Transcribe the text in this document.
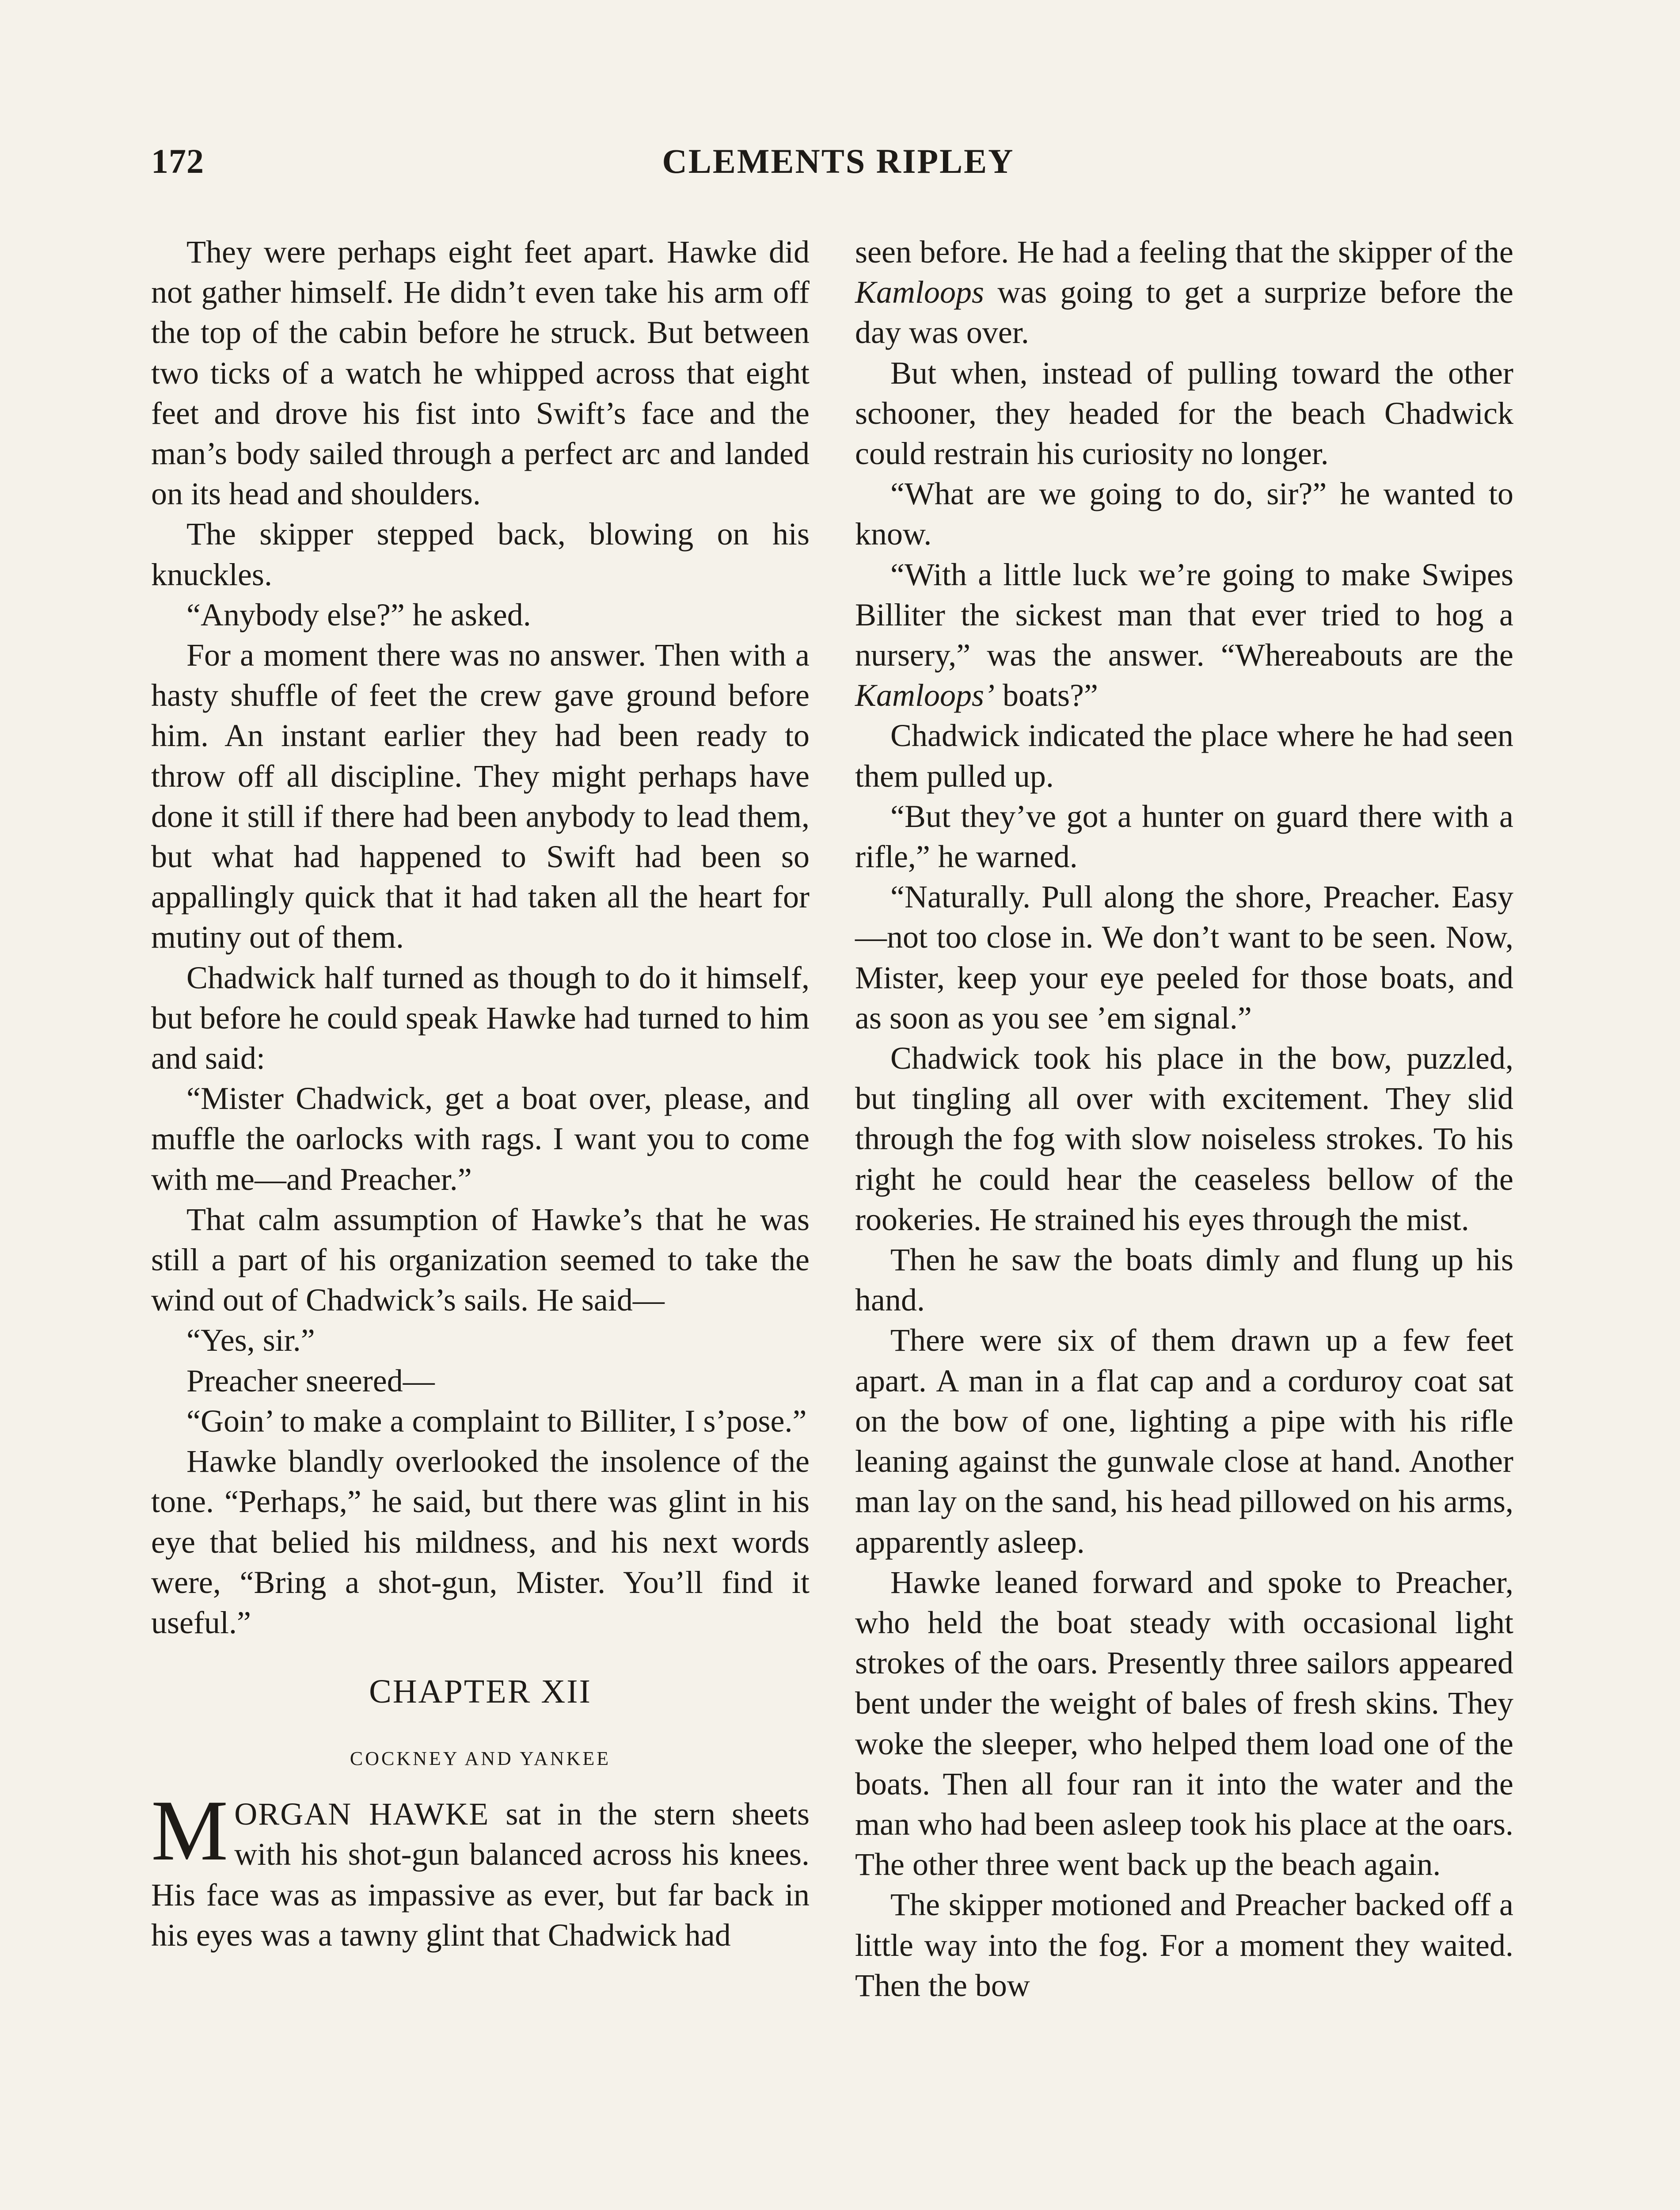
CLEMENTS RIPLEY
172

They were perhaps eight feet apart. Hawke did not gather himself. He didn’t even take his arm off the top of the cabin before he struck. But between two ticks of a watch he whipped across that eight feet and drove his fist into Swift’s face and the man’s body sailed through a perfect arc and landed on its head and shoulders.

The skipper stepped back, blowing on his knuckles.

“Anybody else?” he asked.

For a moment there was no answer. Then with a hasty shuffle of feet the crew gave ground before him. An instant earlier they had been ready to throw off all discipline. They might perhaps have done it still if there had been anybody to lead them, but what had happened to Swift had been so appallingly quick that it had taken all the heart for mutiny out of them.

Chadwick half turned as though to do it himself, but before he could speak Hawke had turned to him and said:

“Mister Chadwick, get a boat over, please, and muffle the oarlocks with rags. I want you to come with me—and Preacher.”

That calm assumption of Hawke’s that he was still a part of his organization seemed to take the wind out of Chadwick’s sails. He said—

“Yes, sir.”

Preacher sneered—

“Goin’ to make a complaint to Billiter, I s’pose.”

Hawke blandly overlooked the insolence of the tone. “Perhaps,” he said, but there was glint in his eye that belied his mildness, and his next words were, “Bring a shot-gun, Mister. You’ll find it useful.”

CHAPTER XII
COCKNEY AND YANKEE

MORGAN HAWKE sat in the stern sheets with his shot-gun balanced across his knees. His face was as impassive as ever, but far back in his eyes was a tawny glint that Chadwick had

seen before. He had a feeling that the skipper of the Kamloops was going to get a surprize before the day was over.

But when, instead of pulling toward the other schooner, they headed for the beach Chadwick could restrain his curiosity no longer.

“What are we going to do, sir?” he wanted to know.

“With a little luck we’re going to make Swipes Billiter the sickest man that ever tried to hog a nursery,” was the answer. “Whereabouts are the Kamloops’ boats?”

Chadwick indicated the place where he had seen them pulled up.

“But they’ve got a hunter on guard there with a rifle,” he warned.

“Naturally. Pull along the shore, Preacher. Easy—not too close in. We don’t want to be seen. Now, Mister, keep your eye peeled for those boats, and as soon as you see ’em signal.”

Chadwick took his place in the bow, puzzled, but tingling all over with excitement. They slid through the fog with slow noiseless strokes. To his right he could hear the ceaseless bellow of the rookeries. He strained his eyes through the mist.

Then he saw the boats dimly and flung up his hand.

There were six of them drawn up a few feet apart. A man in a flat cap and a corduroy coat sat on the bow of one, lighting a pipe with his rifle leaning against the gunwale close at hand. Another man lay on the sand, his head pillowed on his arms, apparently asleep.

Hawke leaned forward and spoke to Preacher, who held the boat steady with occasional light strokes of the oars. Presently three sailors appeared bent under the weight of bales of fresh skins. They woke the sleeper, who helped them load one of the boats. Then all four ran it into the water and the man who had been asleep took his place at the oars. The other three went back up the beach again.

The skipper motioned and Preacher backed off a little way into the fog. For a moment they waited. Then the bow
